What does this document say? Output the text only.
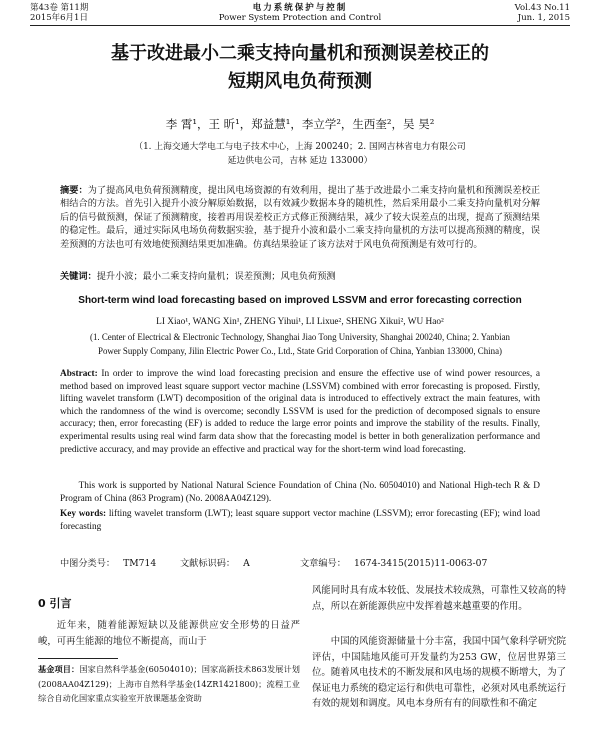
第43卷 第11期
2015年6月1日
电力系统保护与控制
Power System Protection and Control
Vol.43 No.11
Jun. 1, 2015
基于改进最小二乘支持向量机和预测误差校正的
短期风电负荷预测
李 霄¹，王 昕¹，郑益慧¹，李立学²，生西奎²，吴 昊²
（1. 上海交通大学电工与电子技术中心，上海 200240；2. 国网吉林省电力有限公司
延边供电公司，吉林 延边 133000）
摘要：为了提高风电负荷预测精度，提出风电场资源的有效利用，提出了基于改进最小二乘支持向量机和预测误差校正相结合的方法。首先引入提升小波分解原始数据，以有效减少数据本身的随机性，然后采用最小二乘支持向量机对分解后的信号做预测，保证了预测精度，接着再用误差校正方式修正预测结果，减少了较大误差点的出现，提高了预测结果的稳定性。最后，通过实际风电场负荷数据实验，基于提升小波和最小二乘支持向量机的方法可以提高预测的精度，误差预测的方法也可有效地使预测结果更加准确。仿真结果验证了该方法对于风电负荷预测是有效可行的。
关键词：提升小波；最小二乘支持向量机；误差预测；风电负荷预测
Short-term wind load forecasting based on improved LSSVM and error forecasting correction
LI Xiao¹, WANG Xin¹, ZHENG Yihui¹, LI Lixue², SHENG Xikui², WU Hao²
(1. Center of Electrical & Electronic Technology, Shanghai Jiao Tong University, Shanghai 200240, China; 2. Yanbian
Power Supply Company, Jilin Electric Power Co., Ltd., State Grid Corporation of China, Yanbian 133000, China)
Abstract: In order to improve the wind load forecasting precision and ensure the effective use of wind power resources, a method based on improved least square support vector machine (LSSVM) combined with error forecasting is proposed. Firstly, lifting wavelet transform (LWT) decomposition of the original data is introduced to effectively extract the main features, with which the randomness of the wind is overcome; secondly LSSVM is used for the prediction of decomposed signals to ensure accuracy; then, error forecasting (EF) is added to reduce the large error points and improve the stability of the results. Finally, experimental results using real wind farm data show that the forecasting model is better in both generalization performance and predictive accuracy, and may provide an effective and practical way for the short-term wind load forecasting.
This work is supported by National Natural Science Foundation of China (No. 60504010) and National High-tech R & D Program of China (863 Program) (No. 2008AA04Z129).
Key words: lifting wavelet transform (LWT); least square support vector machine (LSSVM); error forecasting (EF); wind load forecasting
中图分类号： TM714	文献标识码： A	文章编号： 1674-3415(2015)11-0063-07
0 引言
近年来，随着能源短缺以及能源供应安全形势的日益严峻，可再生能源的地位不断提高，而山于
基金项目：国家自然科学基金(60504010)；国家高新技术863发展计划(2008AA04Z129)；上海市自然科学基金(14ZR1421800)；流程工业综合自动化国家重点实验室开放课题基金资助
风能同时具有成本较低、发展技术较成熟，可靠性又较高的特点，所以在新能源供应中发挥着越来越重要的作用。
中国的风能资源储量十分丰富，我国中国气象科学研究院评估，中国陆地风能可开发量约为253 GW，位居世界第三位。随着风电技术的不断发展和风电场的规模不断增大，为了保证电力系统的稳定运行和供电可靠性，必须对风电系统运行有效的规划和调度。风电本身所有有的间歇性和不确定
